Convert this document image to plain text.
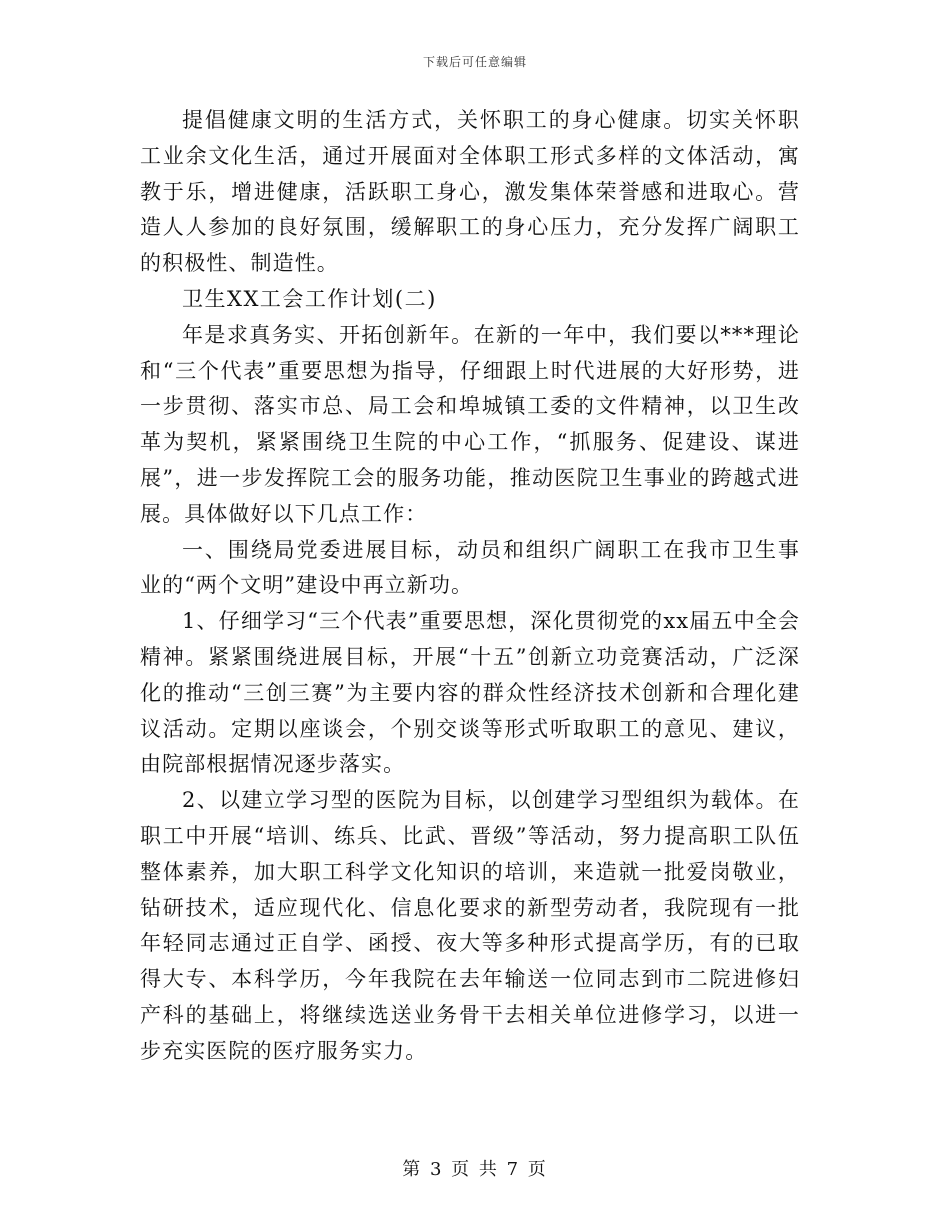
下载后可任意编辑

提倡健康文明的生活方式，关怀职工的身心健康。切实关怀职工业余文化生活，通过开展面对全体职工形式多样的文体活动，寓教于乐，增进健康，活跃职工身心，激发集体荣誉感和进取心。营造人人参加的良好氛围，缓解职工的身心压力，充分发挥广阔职工的积极性、制造性。

卫生XX工会工作计划(二)

年是求真务实、开拓创新年。在新的一年中，我们要以***理论和“三个代表”重要思想为指导，仔细跟上时代进展的大好形势，进一步贯彻、落实市总、局工会和埠城镇工委的文件精神，以卫生改革为契机，紧紧围绕卫生院的中心工作，“抓服务、促建设、谋进展”，进一步发挥院工会的服务功能，推动医院卫生事业的跨越式进展。具体做好以下几点工作：

一、围绕局党委进展目标，动员和组织广阔职工在我市卫生事业的“两个文明”建设中再立新功。

1、仔细学习“三个代表”重要思想，深化贯彻党的xx届五中全会精神。紧紧围绕进展目标，开展“十五”创新立功竞赛活动，广泛深化的推动“三创三赛”为主要内容的群众性经济技术创新和合理化建议活动。定期以座谈会，个别交谈等形式听取职工的意见、建议，由院部根据情况逐步落实。

2、以建立学习型的医院为目标，以创建学习型组织为载体。在职工中开展“培训、练兵、比武、晋级”等活动，努力提高职工队伍整体素养，加大职工科学文化知识的培训，来造就一批爱岗敬业，钻研技术，适应现代化、信息化要求的新型劳动者，我院现有一批年轻同志通过正自学、函授、夜大等多种形式提高学历，有的已取得大专、本科学历，今年我院在去年输送一位同志到市二院进修妇产科的基础上，将继续选送业务骨干去相关单位进修学习，以进一步充实医院的医疗服务实力。

第 3 页 共 7 页
